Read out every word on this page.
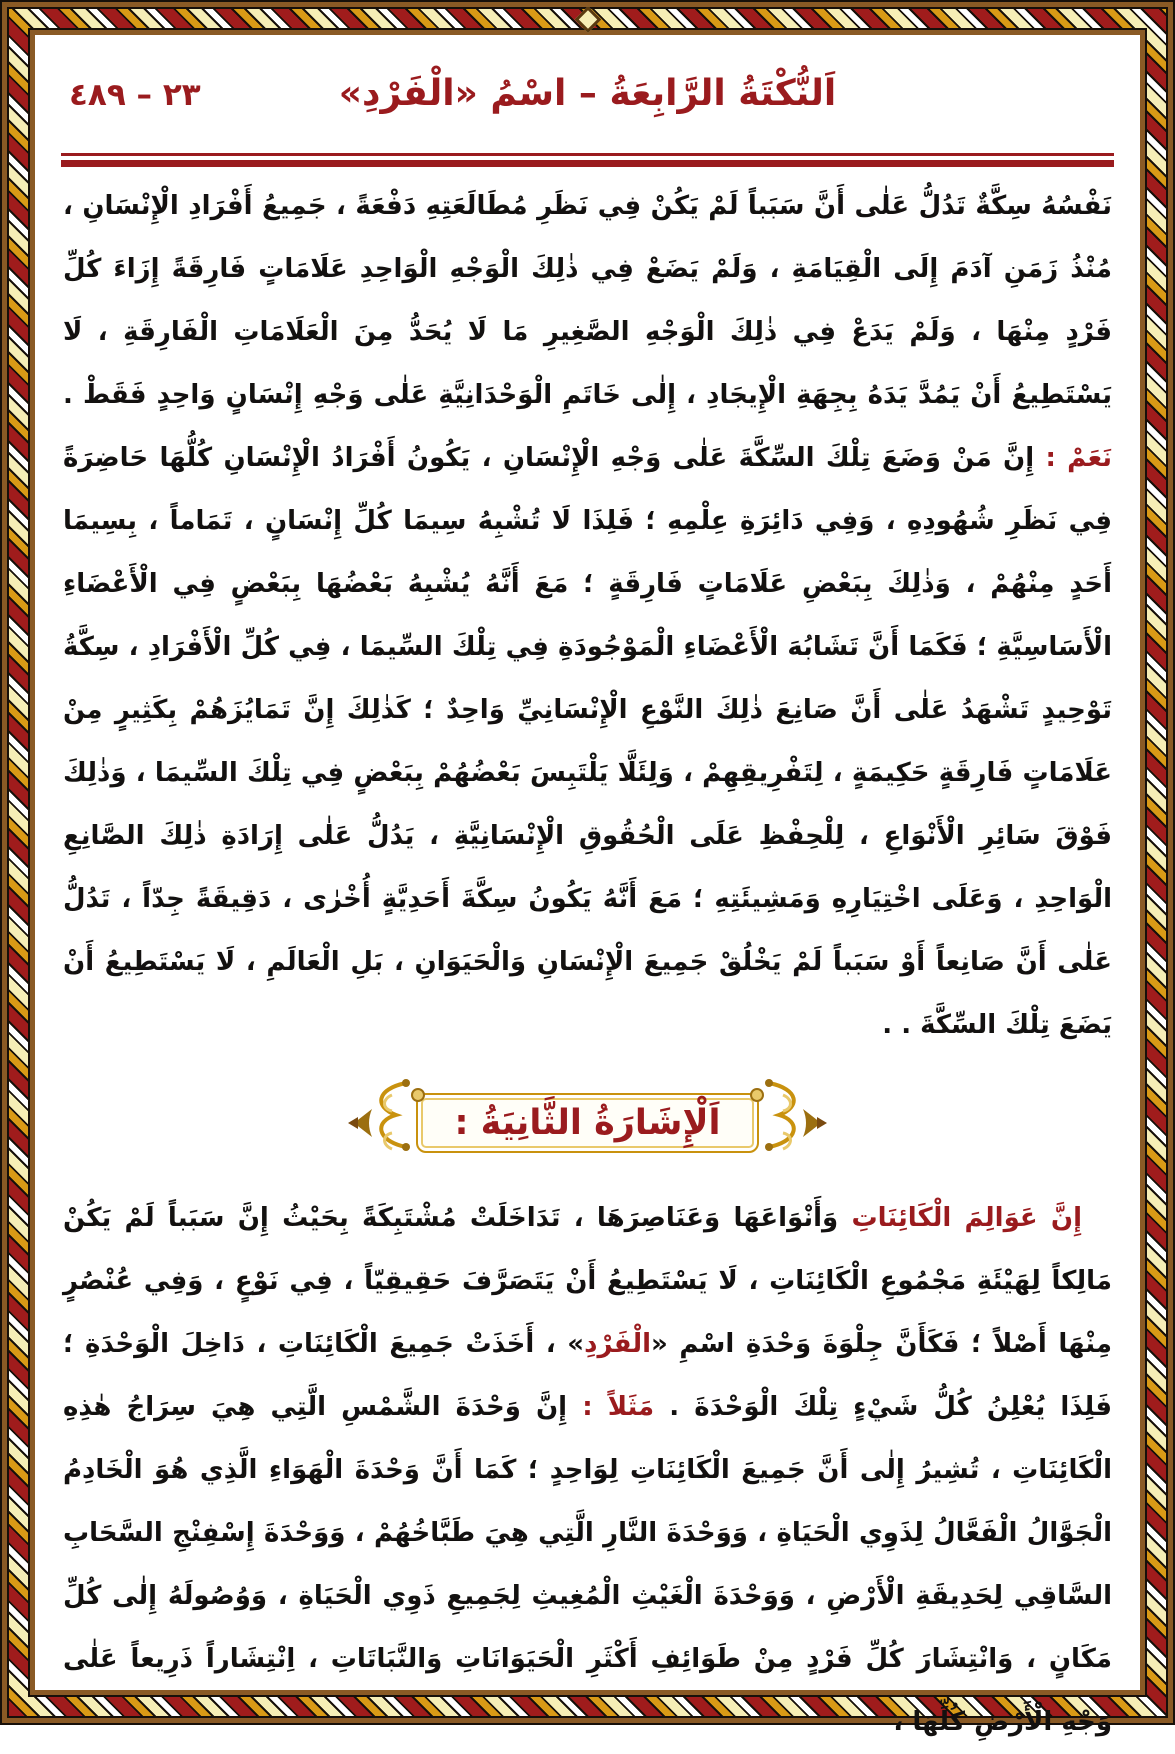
٢٣ – ٤٨٩	اَلنُّكْتَةُ الرَّابِعَةُ – اسْمُ «الْفَرْدِ»

نَفْسُهُ سِكَّةٌ تَدُلُّ عَلٰى أَنَّ سَبَباً لَمْ يَكُنْ فِي نَظَرِ مُطَالَعَتِهِ دَفْعَةً ، جَمِيعُ أَفْرَادِ الْإِنْسَانِ ، مُنْذُ زَمَنِ آدَمَ إِلَى الْقِيَامَةِ ، وَلَمْ يَضَعْ فِي ذٰلِكَ الْوَجْهِ الْوَاحِدِ عَلَامَاتٍ فَارِقَةً إِزَاءَ كُلِّ فَرْدٍ مِنْهَا ، وَلَمْ يَدَعْ فِي ذٰلِكَ الْوَجْهِ الصَّغِيرِ مَا لَا يُحَدُّ مِنَ الْعَلَامَاتِ الْفَارِقَةِ ، لَا يَسْتَطِيعُ أَنْ يَمُدَّ يَدَهُ بِجِهَةِ الْإِيجَادِ ، إِلٰى خَاتَمِ الْوَحْدَانِيَّةِ عَلٰى وَجْهِ إِنْسَانٍ وَاحِدٍ فَقَطْ . نَعَمْ : إِنَّ مَنْ وَضَعَ تِلْكَ السِّكَّةَ عَلٰى وَجْهِ الْإِنْسَانِ ، يَكُونُ أَفْرَادُ الْإِنْسَانِ كُلُّهَا حَاضِرَةً فِي نَظَرِ شُهُودِهِ ، وَفِي دَائِرَةِ عِلْمِهِ ؛ فَلِذَا لَا تُشْبِهُ سِيمَا كُلِّ إِنْسَانٍ ، تَمَاماً ، بِسِيمَا أَحَدٍ مِنْهُمْ ، وَذٰلِكَ بِبَعْضِ عَلَامَاتٍ فَارِقَةٍ ؛ مَعَ أَنَّهُ يُشْبِهُ بَعْضُهَا بِبَعْضٍ فِي الْأَعْضَاءِ الْأَسَاسِيَّةِ ؛ فَكَمَا أَنَّ تَشَابُهَ الْأَعْضَاءِ الْمَوْجُودَةِ فِي تِلْكَ السِّيمَا ، فِي كُلِّ الْأَفْرَادِ ، سِكَّةُ تَوْحِيدٍ تَشْهَدُ عَلٰى أَنَّ صَانِعَ ذٰلِكَ النَّوْعِ الْإِنْسَانِيِّ وَاحِدٌ ؛ كَذٰلِكَ إِنَّ تَمَايُزَهُمْ بِكَثِيرٍ مِنْ عَلَامَاتٍ فَارِقَةٍ حَكِيمَةٍ ، لِتَفْرِيقِهِمْ ، وَلِئَلَّا يَلْتَبِسَ بَعْضُهُمْ بِبَعْضٍ فِي تِلْكَ السِّيمَا ، وَذٰلِكَ فَوْقَ سَائِرِ الْأَنْوَاعِ ، لِلْحِفْظِ عَلَى الْحُقُوقِ الْإِنْسَانِيَّةِ ، يَدُلُّ عَلٰى إِرَادَةِ ذٰلِكَ الصَّانِعِ الْوَاحِدِ ، وَعَلَى اخْتِيَارِهِ وَمَشِيئَتِهِ ؛ مَعَ أَنَّهُ يَكُونُ سِكَّةَ أَحَدِيَّةٍ أُخْرٰى ، دَقِيقَةً جِدّاً ، تَدُلُّ عَلٰى أَنَّ صَانِعاً أَوْ سَبَباً لَمْ يَخْلُقْ جَمِيعَ الْإِنْسَانِ وَالْحَيَوَانِ ، بَلِ الْعَالَمِ ، لَا يَسْتَطِيعُ أَنْ يَضَعَ تِلْكَ السِّكَّةَ . .

اَلْإِشَارَةُ الثَّانِيَةُ :

إِنَّ عَوَالِمَ الْكَائِنَاتِ وَأَنْوَاعَهَا وَعَنَاصِرَهَا ، تَدَاخَلَتْ مُشْتَبِكَةً بِحَيْثُ إِنَّ سَبَباً لَمْ يَكُنْ مَالِكاً لِهَيْئَةِ مَجْمُوعِ الْكَائِنَاتِ ، لَا يَسْتَطِيعُ أَنْ يَتَصَرَّفَ حَقِيقِيّاً ، فِي نَوْعٍ ، وَفِي عُنْصُرٍ مِنْهَا أَصْلاً ؛ فَكَأَنَّ جِلْوَةَ وَحْدَةِ اسْمِ «الْفَرْدِ» ، أَخَذَتْ جَمِيعَ الْكَائِنَاتِ ، دَاخِلَ الْوَحْدَةِ ؛ فَلِذَا يُعْلِنُ كُلُّ شَيْءٍ تِلْكَ الْوَحْدَةَ . مَثَلاً : إِنَّ وَحْدَةَ الشَّمْسِ الَّتِي هِيَ سِرَاجُ هٰذِهِ الْكَائِنَاتِ ، تُشِيرُ إِلٰى أَنَّ جَمِيعَ الْكَائِنَاتِ لِوَاحِدٍ ؛ كَمَا أَنَّ وَحْدَةَ الْهَوَاءِ الَّذِي هُوَ الْخَادِمُ الْجَوَّالُ الْفَعَّالُ لِذَوِي الْحَيَاةِ ، وَوَحْدَةَ النَّارِ الَّتِي هِيَ طَبَّاخُهُمْ ، وَوَحْدَةَ إِسْفِنْجِ السَّحَابِ السَّاقِي لِحَدِيقَةِ الْأَرْضِ ، وَوَحْدَةَ الْغَيْثِ الْمُغِيثِ لِجَمِيعِ ذَوِي الْحَيَاةِ ، وَوُصُولَهُ إِلٰى كُلِّ مَكَانٍ ، وَانْتِشَارَ كُلِّ فَرْدٍ مِنْ طَوَائِفِ أَكْثَرِ الْحَيَوَانَاتِ وَالنَّبَاتَاتِ ، اِنْتِشَاراً ذَرِيعاً عَلٰى وَجْهِ الْأَرْضِ كُلِّهَا ،
